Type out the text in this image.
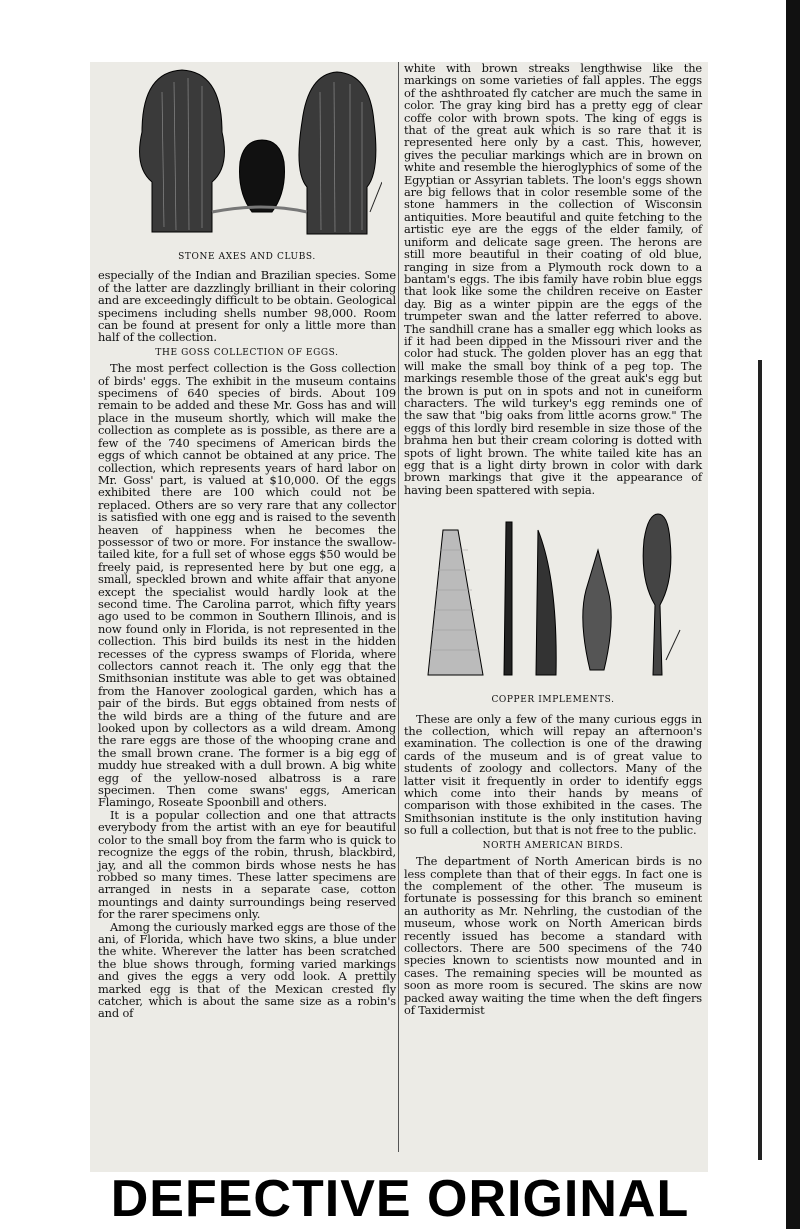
STONE AXES AND CLUBS.

especially of the Indian and Brazilian species. Some of the latter are dazzlingly brilliant in their coloring and are exceedingly difficult to be obtain. Geological specimens including shells number 98,000. Room can be found at present for only a little more than half of the collection.

THE GOSS COLLECTION OF EGGS.

The most perfect collection is the Goss collection of birds' eggs. The exhibit in the museum contains specimens of 640 species of birds. About 109 remain to be added and these Mr. Goss has and will place in the museum shortly, which will make the collection as complete as is possible, as there are a few of the 740 specimens of American birds the eggs of which cannot be obtained at any price. The collection, which represents years of hard labor on Mr. Goss' part, is valued at $10,000. Of the eggs exhibited there are 100 which could not be replaced. Others are so very rare that any collector is satisfied with one egg and is raised to the seventh heaven of happiness when he becomes the possessor of two or more. For instance the swallow-tailed kite, for a full set of whose eggs $50 would be freely paid, is represented here by but one egg, a small, speckled brown and white affair that anyone except the specialist would hardly look at the second time. The Carolina parrot, which fifty years ago used to be common in Southern Illinois, and is now found only in Florida, is not represented in the collection. This bird builds its nest in the hidden recesses of the cypress swamps of Florida, where collectors cannot reach it. The only egg that the Smithsonian institute was able to get was obtained from the Hanover zoological garden, which has a pair of the birds. But eggs obtained from nests of the wild birds are a thing of the future and are looked upon by collectors as a wild dream. Among the rare eggs are those of the whooping crane and the small brown crane. The former is a big egg of muddy hue streaked with a dull brown. A big white egg of the yellow-nosed albatross is a rare specimen. Then come swans' eggs, American Flamingo, Roseate Spoonbill and others.

It is a popular collection and one that attracts everybody from the artist with an eye for beautiful color to the small boy from the farm who is quick to recognize the eggs of the robin, thrush, blackbird, jay, and all the common birds whose nests he has robbed so many times. These latter specimens are arranged in nests in a separate case, cotton mountings and dainty surroundings being reserved for the rarer specimens only.

Among the curiously marked eggs are those of the ani, of Florida, which have two skins, a blue under the white. Wherever the latter has been scratched the blue shows through, forming varied markings and gives the eggs a very odd look. A prettily marked egg is that of the Mexican crested fly catcher, which is about the same size as a robin's and of

white with brown streaks lengthwise like the markings on some varieties of fall apples. The eggs of the ashthroated fly catcher are much the same in color. The gray king bird has a pretty egg of clear coffe color with brown spots. The king of eggs is that of the great auk which is so rare that it is represented here only by a cast. This, however, gives the peculiar markings which are in brown on white and resemble the hieroglyphics of some of the Egyptian or Assyrian tablets. The loon's eggs shown are big fellows that in color resemble some of the stone hammers in the collection of Wisconsin antiquities. More beautiful and quite fetching to the artistic eye are the eggs of the elder family, of uniform and delicate sage green. The herons are still more beautiful in their coating of old blue, ranging in size from a Plymouth rock down to a bantam's eggs. The ibis family have robin blue eggs that look like some the children receive on Easter day. Big as a winter pippin are the eggs of the trumpeter swan and the latter referred to above. The sandhill crane has a smaller egg which looks as if it had been dipped in the Missouri river and the color had stuck. The golden plover has an egg that will make the small boy think of a peg top. The markings resemble those of the great auk's egg but the brown is put on in spots and not in cuneiform characters. The wild turkey's egg reminds one of the saw that "big oaks from little acorns grow." The eggs of this lordly bird resemble in size those of the brahma hen but their cream coloring is dotted with spots of light brown. The white tailed kite has an egg that is a light dirty brown in color with dark brown markings that give it the appearance of having been spattered with sepia.

COPPER IMPLEMENTS.

These are only a few of the many curious eggs in the collection, which will repay an afternoon's examination. The collection is one of the drawing cards of the museum and is of great value to students of zoology and collectors. Many of the latter visit it frequently in order to identify eggs which come into their hands by means of comparison with those exhibited in the cases. The Smithsonian institute is the only institution having so full a collection, but that is not free to the public.

NORTH AMERICAN BIRDS.

The department of North American birds is no less complete than that of their eggs. In fact one is the complement of the other. The museum is fortunate is possessing for this branch so eminent an authority as Mr. Nehrling, the custodian of the museum, whose work on North American birds recently issued has become a standard with collectors. There are 500 specimens of the 740 species known to scientists now mounted and in cases. The remaining species will be mounted as soon as more room is secured. The skins are now packed away waiting the time when the deft fingers of Taxidermist

DEFECTIVE ORIGINAL
